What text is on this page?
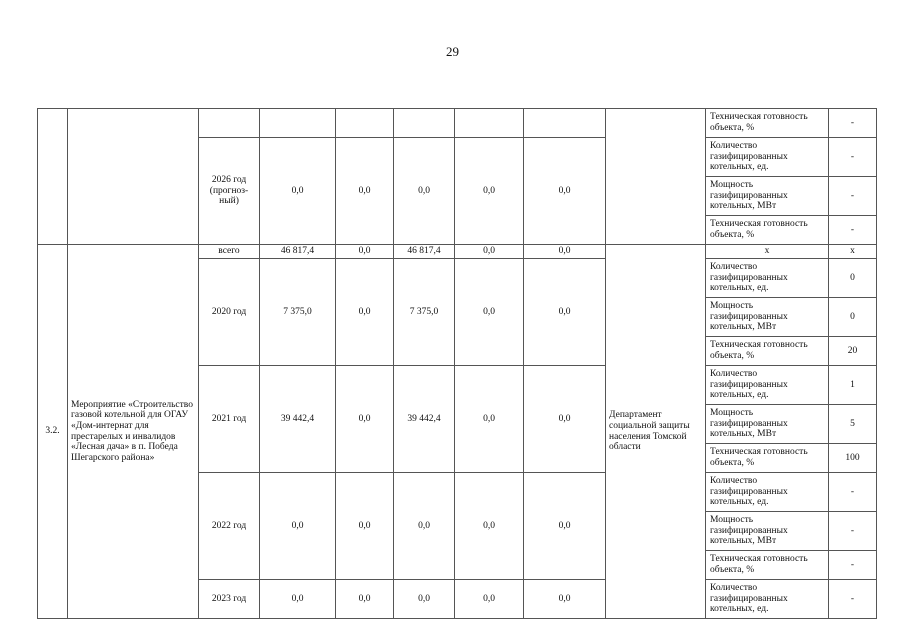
29
									Техническая готовность объекта, %	-
		2026 год (прогноз-ный)	0,0	0,0	0,0	0,0	0,0		Количество газифицированных котельных, ед.	-
									Мощность газифицированных котельных, МВт	-
									Техническая готовность объекта, %	-

3.2.	Мероприятие «Строительство газовой котельной для ОГАУ «Дом-интернат для престарелых и инвалидов «Лесная дача» в п. Победа Шегарского района»	всего	46 817,4	0,0	46 817,4	0,0	0,0	Департамент социальной защиты населения Томской области	x	x
		2020 год	7 375,0	0,0	7 375,0	0,0	0,0		Количество газифицированных котельных, ед.	0
									Мощность газифицированных котельных, МВт	0
									Техническая готовность объекта, %	20
		2021 год	39 442,4	0,0	39 442,4	0,0	0,0		Количество газифицированных котельных, ед.	1
									Мощность газифицированных котельных, МВт	5
									Техническая готовность объекта, %	100
		2022 год	0,0	0,0	0,0	0,0	0,0		Количество газифицированных котельных, ед.	-
									Мощность газифицированных котельных, МВт	-
									Техническая готовность объекта, %	-
		2023 год	0,0	0,0	0,0	0,0	0,0		Количество газифицированных котельных, ед.	-
